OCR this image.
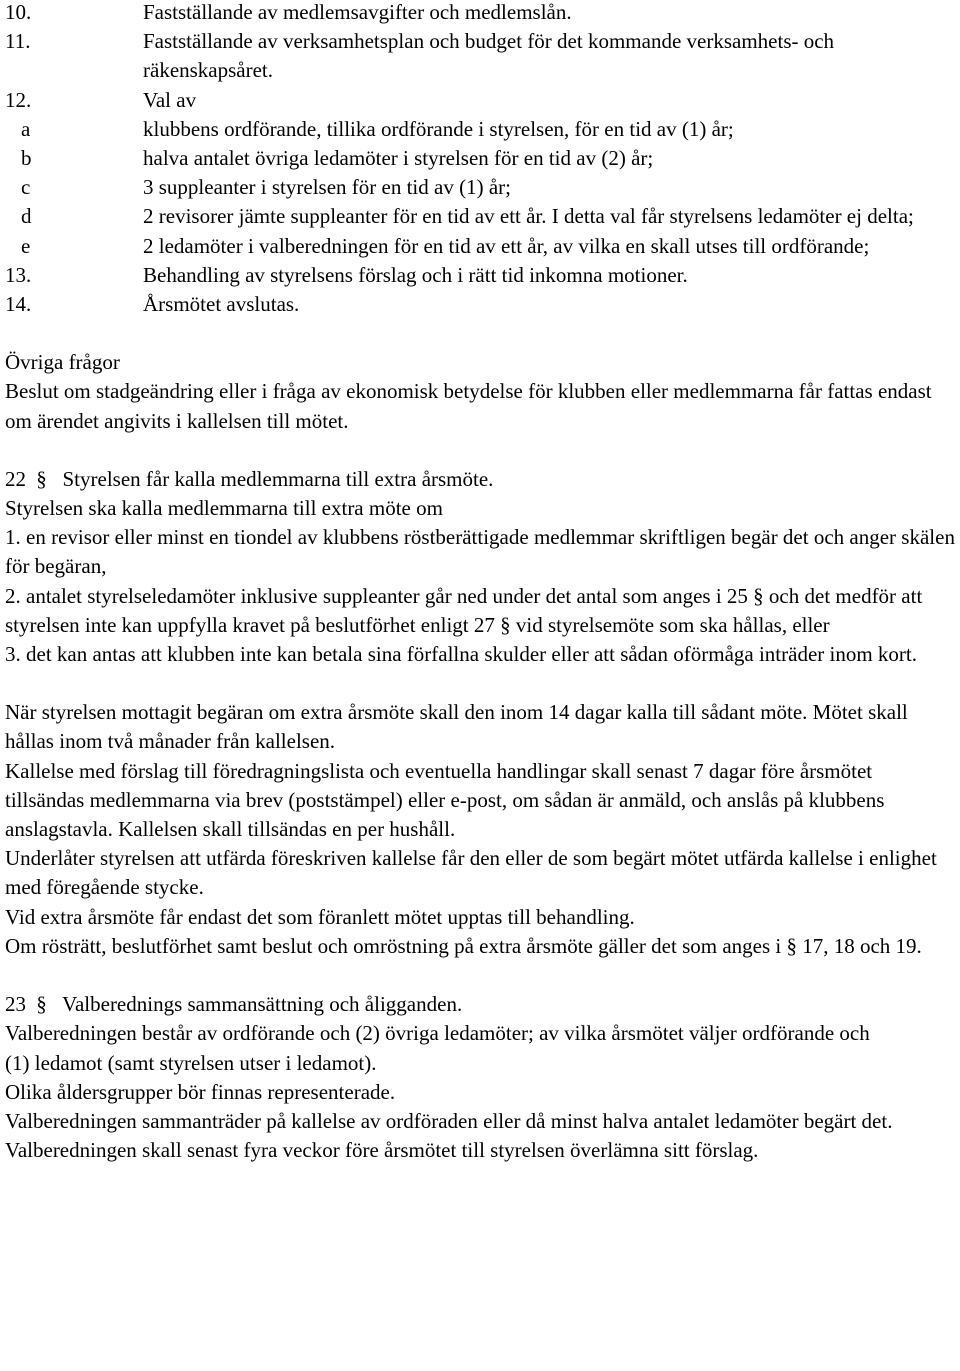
10.	Fastställande av medlemsavgifter och medlemslån.
11.	Fastställande av verksamhetsplan och budget för det kommande verksamhets- och räkenskapsåret.
12.	Val av
a	klubbens ordförande, tillika ordförande i styrelsen, för en tid av (1) år;
b	halva antalet övriga ledamöter i styrelsen för en tid av (2) år;
c	3 suppleanter i styrelsen för en tid av (1) år;
d	2 revisorer jämte suppleanter för en tid av ett år. I detta val får styrelsens ledamöter ej delta;
e	2 ledamöter i valberedningen för en tid av ett år, av vilka en skall utses till ordförande;
13.	Behandling av styrelsens förslag och i rätt tid inkomna motioner.
14.	Årsmötet avslutas.

Övriga frågor

Beslut om stadgeändring eller i fråga av ekonomisk betydelse för klubben eller medlemmarna får fattas endast om ärendet angivits i kallelsen till mötet.

22 § Styrelsen får kalla medlemmarna till extra årsmöte.

Styrelsen ska kalla medlemmarna till extra möte om

1. en revisor eller minst en tiondel av klubbens röstberättigade medlemmar skriftligen begär det och anger skälen för begäran,

2. antalet styrelseledamöter inklusive suppleanter går ned under det antal som anges i 25 § och det medför att styrelsen inte kan uppfylla kravet på beslutförhet enligt 27 § vid styrelsemöte som ska hållas, eller

3. det kan antas att klubben inte kan betala sina förfallna skulder eller att sådan oförmåga inträder inom kort.

När styrelsen mottagit begäran om extra årsmöte skall den inom 14 dagar kalla till sådant möte. Mötet skall hållas inom två månader från kallelsen.

Kallelse med förslag till föredragningslista och eventuella handlingar skall senast 7 dagar före årsmötet tillsändas medlemmarna via brev (poststämpel) eller e-post, om sådan är anmäld, och anslås på klubbens anslagstavla. Kallelsen skall tillsändas en per hushåll.

Underlåter styrelsen att utfärda föreskriven kallelse får den eller de som begärt mötet utfärda kallelse i enlighet med föregående stycke.

Vid extra årsmöte får endast det som föranlett mötet upptas till behandling.

Om rösträtt, beslutförhet samt beslut och omröstning på extra årsmöte gäller det som anges i § 17, 18 och 19.

23 § Valberednings sammansättning och åligganden.

Valberedningen består av ordförande och (2) övriga ledamöter; av vilka årsmötet väljer ordförande och

(1) ledamot (samt styrelsen utser i ledamot).

Olika åldersgrupper bör finnas representerade.

Valberedningen sammanträder på kallelse av ordföraden eller då minst halva antalet ledamöter begärt det.

Valberedningen skall senast fyra veckor före årsmötet till styrelsen överlämna sitt förslag.
